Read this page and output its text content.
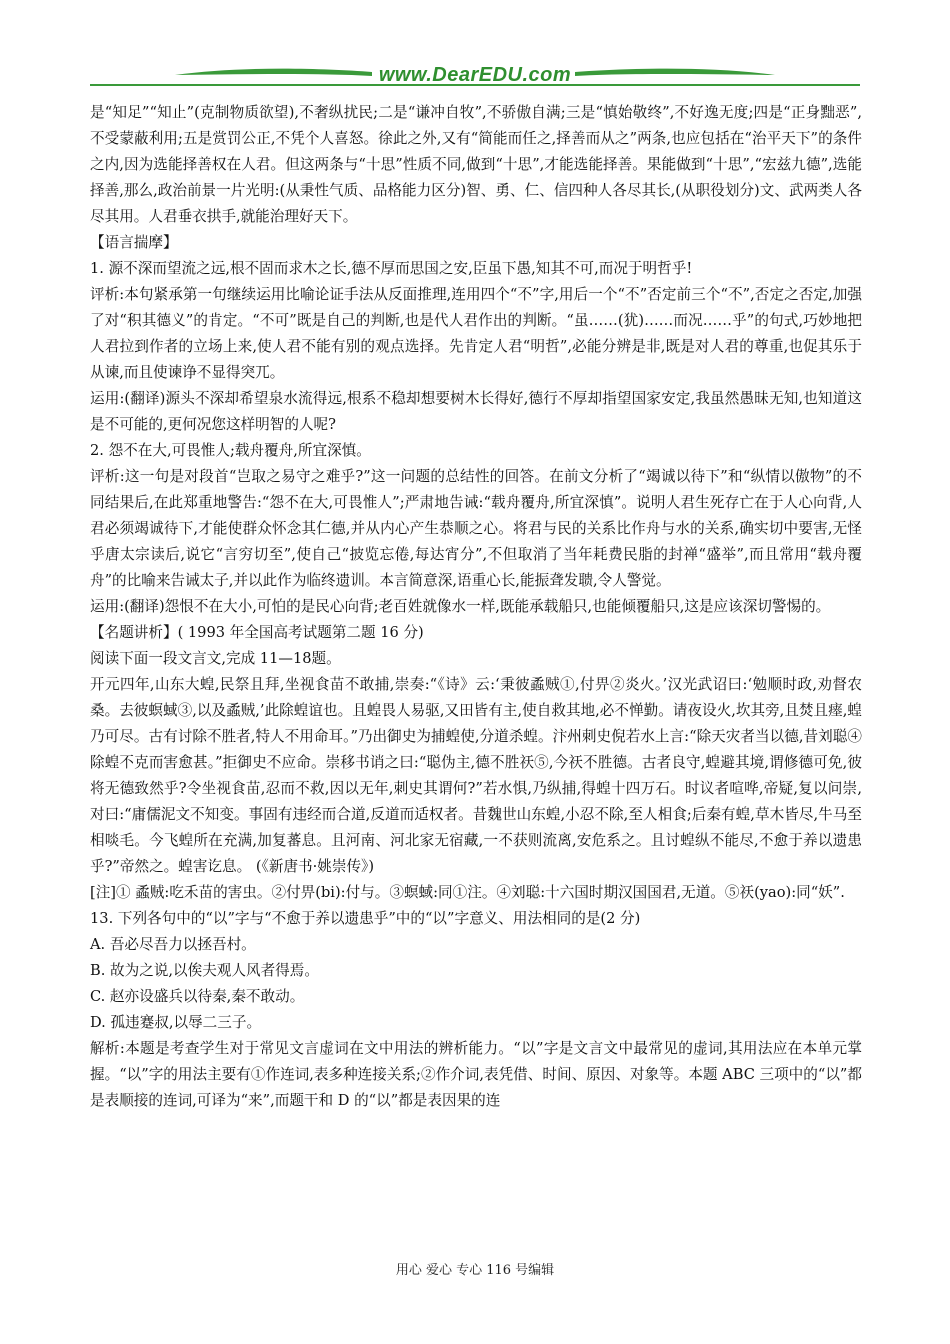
www.DearEDU.com

是“知足”“知止”(克制物质欲望),不奢纵扰民;二是“谦冲自牧”,不骄傲自满;三是“慎始敬终”,不好逸无度;四是“正身黜恶”,不受蒙蔽利用;五是赏罚公正,不凭个人喜怒。徐此之外,又有“简能而任之,择善而从之”两条,也应包括在“治平天下”的条件之内,因为选能择善权在人君。但这两条与“十思”性质不同,做到“十思”,才能选能择善。果能做到“十思”,“宏兹九德”,选能择善,那么,政治前景一片光明:(从秉性气质、品格能力区分)智、勇、仁、信四种人各尽其长,(从职役划分)文、武两类人各尽其用。人君垂衣拱手,就能治理好天下。

【语言揣摩】

1. 源不深而望流之远,根不固而求木之长,德不厚而思国之安,臣虽下愚,知其不可,而况于明哲乎!

评析:本句紧承第一句继续运用比喻论证手法从反面推理,连用四个“不”字,用后一个“不”否定前三个“不”,否定之否定,加强了对“积其德义”的肯定。“不可”既是自己的判断,也是代人君作出的判断。“虽……(犹)……而况……乎”的句式,巧妙地把人君拉到作者的立场上来,使人君不能有别的观点选择。先肯定人君“明哲”,必能分辨是非,既是对人君的尊重,也促其乐于从谏,而且使谏诤不显得突兀。

运用:(翻译)源头不深却希望泉水流得远,根系不稳却想要树木长得好,德行不厚却指望国家安定,我虽然愚昧无知,也知道这是不可能的,更何况您这样明智的人呢?

2. 怨不在大,可畏惟人;载舟覆舟,所宜深慎。

评析:这一句是对段首“岂取之易守之难乎?”这一问题的总结性的回答。在前文分析了“竭诚以待下”和“纵情以傲物”的不同结果后,在此郑重地警告:“怨不在大,可畏惟人”;严肃地告诫:“载舟覆舟,所宜深慎”。说明人君生死存亡在于人心向背,人君必须竭诚待下,才能使群众怀念其仁德,并从内心产生恭顺之心。将君与民的关系比作舟与水的关系,确实切中要害,无怪乎唐太宗读后,说它“言穷切至”,使自己“披览忘倦,每达宵分”,不但取消了当年耗费民脂的封禅“盛举”,而且常用“载舟覆舟”的比喻来告诫太子,并以此作为临终遗训。本言简意深,语重心长,能振聋发聩,令人警觉。

运用:(翻译)怨恨不在大小,可怕的是民心向背;老百姓就像水一样,既能承载船只,也能倾覆船只,这是应该深切警惕的。

【名题讲析】( 1993 年全国高考试题第二题 16 分)

阅读下面一段文言文,完成 11—18题。

开元四年,山东大蝗,民祭且拜,坐视食苗不敢捕,崇奏:“《诗》云:‘秉彼蟊贼①,付畀②炎火。’汉光武诏曰:‘勉顺时政,劝督农桑。去彼螟蜮③,以及蟊贼,’此除蝗谊也。且蝗畏人易驱,又田皆有主,使自救其地,必不惮勤。请夜设火,坎其旁,且焚且瘗,蝗乃可尽。古有讨除不胜者,特人不用命耳。”乃出御史为捕蝗使,分道杀蝗。汴州刺史倪若水上言:“除天灾者当以德,昔刘聪④除蝗不克而害愈甚。”拒御史不应命。崇移书诮之曰:“聪伪主,德不胜祆⑤,今祆不胜德。古者良守,蝗避其境,谓修德可免,彼将无德致然乎?令坐视食苗,忍而不救,因以无年,刺史其谓何?”若水惧,乃纵捕,得蝗十四万石。时议者喧哗,帝疑,复以问崇,对曰:“庸儒泥文不知变。事固有违经而合道,反道而适权者。昔魏世山东蝗,小忍不除,至人相食;后秦有蝗,草木皆尽,牛马至相啖毛。今飞蝗所在充满,加复蕃息。且河南、河北家无宿藏,一不获则流离,安危系之。且讨蝗纵不能尽,不愈于养以遗患乎?”帝然之。蝗害讫息。 (《新唐书·姚崇传》)

[注]① 蟊贼:吃禾苗的害虫。②付畀(bi):付与。③螟蜮:同①注。④刘聪:十六国时期汉国国君,无道。⑤祆(yao):同“妖”.

13. 下列各句中的“以”字与“不愈于养以遗患乎”中的“以”字意义、用法相同的是(2 分)

A. 吾必尽吾力以拯吾村。

B. 故为之说,以俟夫观人风者得焉。

C. 赵亦设盛兵以待秦,秦不敢动。

D. 孤违蹇叔,以辱二三子。

解析:本题是考查学生对于常见文言虚词在文中用法的辨析能力。“以”字是文言文中最常见的虚词,其用法应在本单元掌握。“以”字的用法主要有①作连词,表多种连接关系;②作介词,表凭借、时间、原因、对象等。本题 ABC 三项中的“以”都是表顺接的连词,可译为“来”,而题干和 D 的“以”都是表因果的连

用心 爱心 专心 116 号编辑
